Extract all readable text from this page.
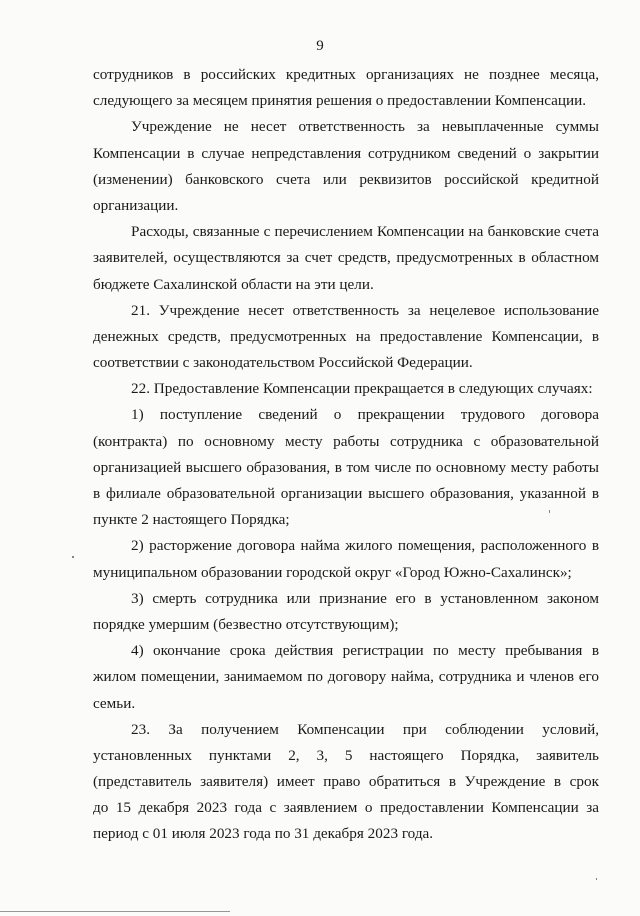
9
сотрудников в российских кредитных организациях не позднее месяца,
следующего за месяцем принятия решения о предоставлении Компенсации.
Учреждение не несет ответственность за невыплаченные суммы
Компенсации в случае непредставления сотрудником сведений о закрытии
(изменении) банковского счета или реквизитов российской кредитной
организации.
Расходы, связанные с перечислением Компенсации на банковские счета
заявителей, осуществляются за счет средств, предусмотренных в областном
бюджете Сахалинской области на эти цели.
21. Учреждение несет ответственность за нецелевое использование
денежных средств, предусмотренных на предоставление Компенсации, в
соответствии с законодательством Российской Федерации.
22. Предоставление Компенсации прекращается в следующих случаях:
1) поступление сведений о прекращении трудового договора
(контракта) по основному месту работы сотрудника с образовательной
организацией высшего образования, в том числе по основному месту работы
в филиале образовательной организации высшего образования, указанной в
пункте 2 настоящего Порядка;
2) расторжение договора найма жилого помещения, расположенного в
муниципальном образовании городской округ «Город Южно-Сахалинск»;
3) смерть сотрудника или признание его в установленном законом
порядке умершим (безвестно отсутствующим);
4) окончание срока действия регистрации по месту пребывания в
жилом помещении, занимаемом по договору найма, сотрудника и членов его
семьи.
23. За получением Компенсации при соблюдении условий,
установленных пунктами 2, 3, 5 настоящего Порядка, заявитель
(представитель заявителя) имеет право обратиться в Учреждение в срок
до 15 декабря 2023 года с заявлением о предоставлении Компенсации за
период с 01 июля 2023 года по 31 декабря 2023 года.
